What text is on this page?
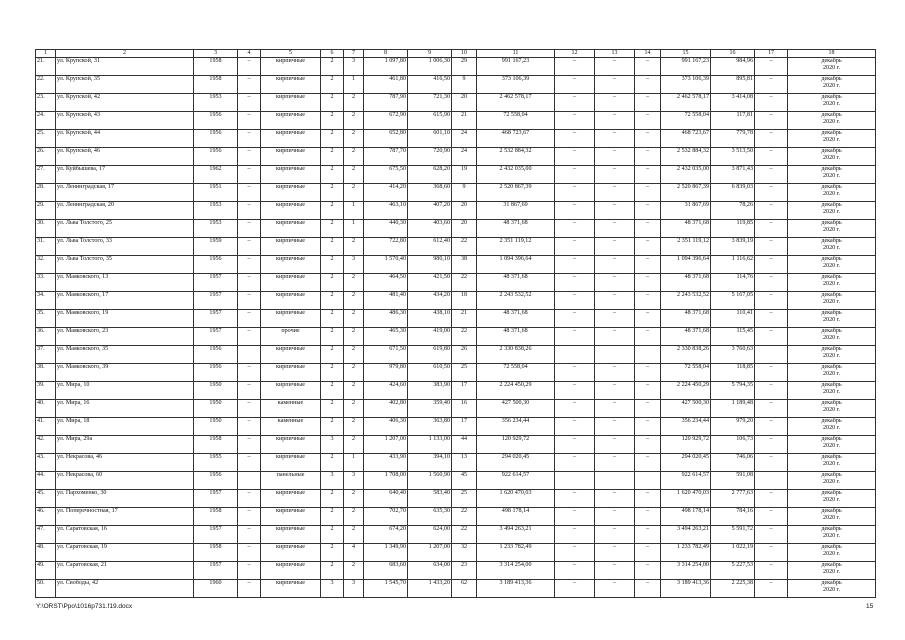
1	2	3	4	5	6	7	8	9	10	11	12	13	14	15	16	17	18
21.	ул. Крупской, 31	1958	–	кирпичные	2	3	1 097,80	1 006,30	29	991 167,23	–	–	–	991 167,23	984,96	–	декабрь
2020 г.

22.	ул. Крупской, 35	1958	–	кирпичные	2	1	461,80	416,50	9	373 106,39	–	–	–	373 106,39	895,81	–	декабрь
2020 г.

23.	ул. Крупской, 42	1953	–	кирпичные	2	2	787,90	721,30	20	2 462 578,17	–	–	–	2 462 578,17	3 414,08	–	декабрь
2020 г.

24.	ул. Крупской, 43	1956	–	кирпичные	2	2	672,90	615,90	21	72 558,04	–	–	–	72 558,04	117,81	–	декабрь
2020 г.

25.	ул. Крупской, 44	1956	–	кирпичные	2	2	652,80	601,10	24	468 723,67	–	–	–	468 723,67	779,78	–	декабрь
2020 г.

26.	ул. Крупской, 46	1956	–	кирпичные	2	2	787,70	720,90	24	2 532 884,32	–	–	–	2 532 884,32	3 513,50	–	декабрь
2020 г.

27.	ул. Куйбышева, 17	1962	–	кирпичные	2	2	675,50	628,20	19	2 432 035,00	–	–	–	2 432 035,00	3 871,43	–	декабрь
2020 г.

28.	ул. Ленинградская, 17	1951	–	кирпичные	2	2	414,20	368,60	9	2 520 867,39	–	–	–	2 520 867,39	6 839,03	–	декабрь
2020 г.

29.	ул. Ленинградская, 20	1953	–	кирпичные	2	1	463,10	407,20	20	31 867,69	–	–	–	31 867,69	78,26	–	декабрь
2020 г.

30.	ул. Льва Толстого, 25	1953	–	кирпичные	2	1	440,30	403,60	20	48 371,68	–	–	–	48 371,68	119,85	–	декабрь
2020 г.

31.	ул. Льва Толстого, 33	1959	–	кирпичные	2	2	722,80	612,40	22	2 351 119,12	–	–	–	2 351 119,12	3 839,19	–	декабрь
2020 г.

32.	ул. Льва Толстого, 35	1956	–	кирпичные	2	3	1 570,40	980,10	38	1 094 396,64	–	–	–	1 094 396,64	1 116,62	–	декабрь
2020 г.

33.	ул. Маяковского, 13	1957	–	кирпичные	2	2	464,50	421,50	22	48 371,68	–	–	–	48 371,68	114,76	–	декабрь
2020 г.

34.	ул. Маяковского, 17	1957	–	кирпичные	2	2	481,40	434,20	18	2 243 532,52	–	–	–	2 243 532,52	5 167,05	–	декабрь
2020 г.

35.	ул. Маяковского, 19	1957	–	кирпичные	2	2	486,30	438,10	21	48 371,68	–	–	–	48 371,68	110,41	–	декабрь
2020 г.

36.	ул. Маяковского, 23	1957	–	прочие	2	2	465,30	419,00	22	48 371,68	–	–	–	48 371,68	115,45	–	декабрь
2020 г.

37.	ул. Маяковского, 35	1956		кирпичные	2	2	671,50	619,80	26	2 330 838,26				2 330 838,26	3 760,63		декабрь
2020 г.

38.	ул. Маяковского, 39	1956	–	кирпичные	2	2	979,80	610,50	25	72 558,04	–	–	–	72 558,04	118,85	–	декабрь
2020 г.

39.	ул. Мира, 10	1950	–	кирпичные	2	2	424,60	383,90	17	2 224 450,29	–	–	–	2 224 450,29	5 794,35	–	декабрь
2020 г.

40.	ул. Мира, 16	1950	–	каменные	2	2	402,80	359,40	16	427 500,30	–	–	–	427 500,30	1 189,48	–	декабрь
2020 г.

41.	ул. Мира, 18	1950	–	каменные	2	2	406,30	363,80	17	356 234,44	–	–	–	356 234,44	979,20	–	декабрь
2020 г.

42.	ул. Мира, 29а	1958	–	кирпичные	3	2	1 207,00	1 133,00	44	120 929,72	–	–	–	120 929,72	106,73	–	декабрь
2020 г.

43.	ул. Некрасова, 46	1955	–	кирпичные	2	1	433,90	394,10	13	294 020,45	–	–	–	294 020,45	746,06	–	декабрь
2020 г.

44.	ул. Некрасова, 60	1956		панельные	3	3	1 708,00	1 560,90	45	922 614,57				922 614,57	591,08		декабрь
2020 г.

45.	ул. Пархоменко, 30	1957	–	кирпичные	2	2	640,40	583,40	25	1 620 470,03	–	–	–	1 620 470,03	2 777,63	–	декабрь
2020 г.

46.	ул. Поперечностная, 17	1958	–	кирпичные	2	2	702,70	635,30	22	498 178,14	–	–	–	498 178,14	784,16	–	декабрь
2020 г.

47.	ул. Саратовская, 16	1957	–	кирпичные	2	2	674,20	624,00	22	3 494 263,21	–	–	–	3 494 263,21	5 591,72	–	декабрь
2020 г.

48.	ул. Саратовская, 19	1958	–	кирпичные	2	4	1 349,90	1 207,00	32	1 233 782,49	–	–	–	1 233 782,49	1 022,19	–	декабрь
2020 г.

49.	ул. Саратовская, 21	1957	–	кирпичные	2	2	683,60	634,00	23	3 314 254,00	–	–	–	3 314 254,00	5 227,53	–	декабрь
2020 г.

50.	ул. Свободы, 42	1960	–	кирпичные	3	3	1 545,70	1 433,20	62	3 189 413,36	–	–	–	3 189 413,36	2 225,38	–	декабрь
2020 г.
Y:\ORST\Ppo\1016p731.f19.docx	15
